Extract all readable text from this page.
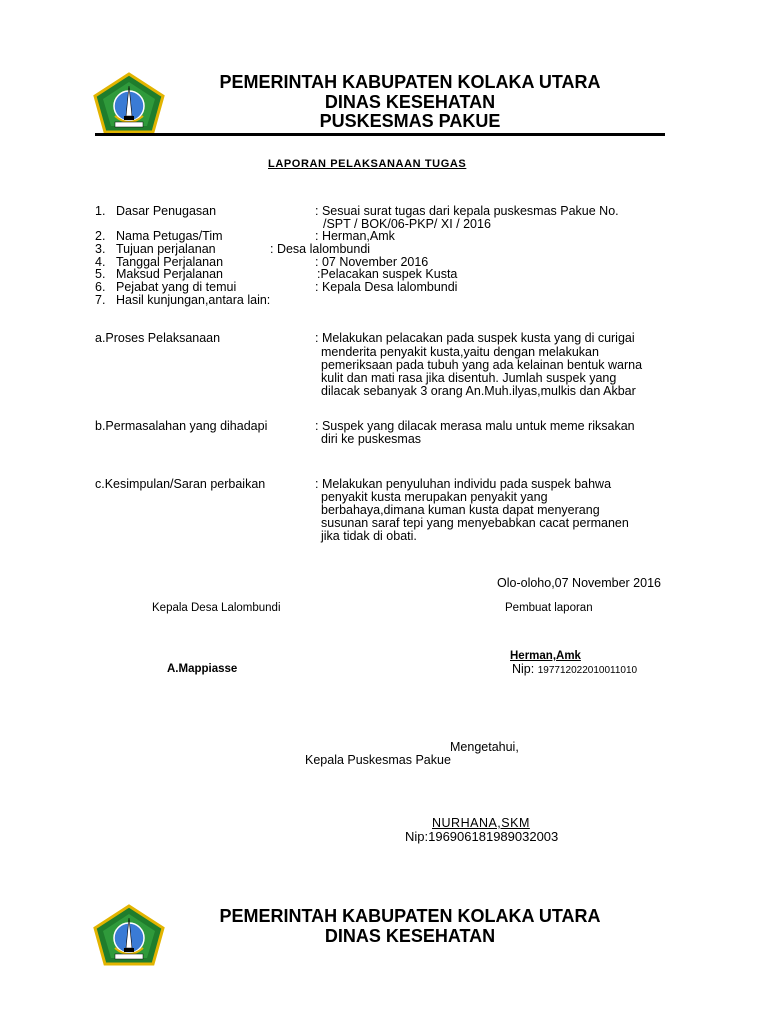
PEMERINTAH KABUPATEN KOLAKA UTARA
DINAS KESEHATAN
PUSKESMAS PAKUE
LAPORAN PELAKSANAAN TUGAS
1. Dasar Penugasan	: Sesuai surat tugas dari kepala puskesmas Pakue No.
/SPT / BOK/06-PKP/ XI / 2016
2. Nama Petugas/Tim	: Herman,Amk
3. Tujuan perjalanan	: Desa lalombundi
4. Tanggal Perjalanan	: 07 November 2016
5. Maksud Perjalanan	:Pelacakan suspek Kusta
6. Pejabat yang di temui	: Kepala Desa lalombundi
7. Hasil kunjungan,antara lain:
a.Proses Pelaksanaan	: Melakukan pelacakan pada suspek kusta yang di curigai
menderita penyakit kusta,yaitu dengan melakukan
pemeriksaan pada tubuh yang ada kelainan bentuk warna
kulit dan mati rasa jika disentuh. Jumlah suspek yang
dilacak sebanyak 3 orang An.Muh.ilyas,mulkis dan Akbar
b.Permasalahan yang dihadapi	: Suspek yang dilacak merasa malu untuk meme riksakan
diri ke puskesmas
c.Kesimpulan/Saran perbaikan	: Melakukan penyuluhan individu pada suspek bahwa
penyakit kusta merupakan penyakit yang
berbahaya,dimana kuman kusta dapat menyerang
susunan saraf tepi yang menyebabkan cacat permanen
jika tidak di obati.
Olo-oloho,07 November 2016
Kepala Desa Lalombundi	Pembuat laporan
Herman,Amk
A.Mappiasse	Nip: 197712022010011010
Mengetahui,
Kepala Puskesmas Pakue
NURHANA,SKM
Nip:196906181989032003
PEMERINTAH KABUPATEN KOLAKA UTARA
DINAS KESEHATAN
